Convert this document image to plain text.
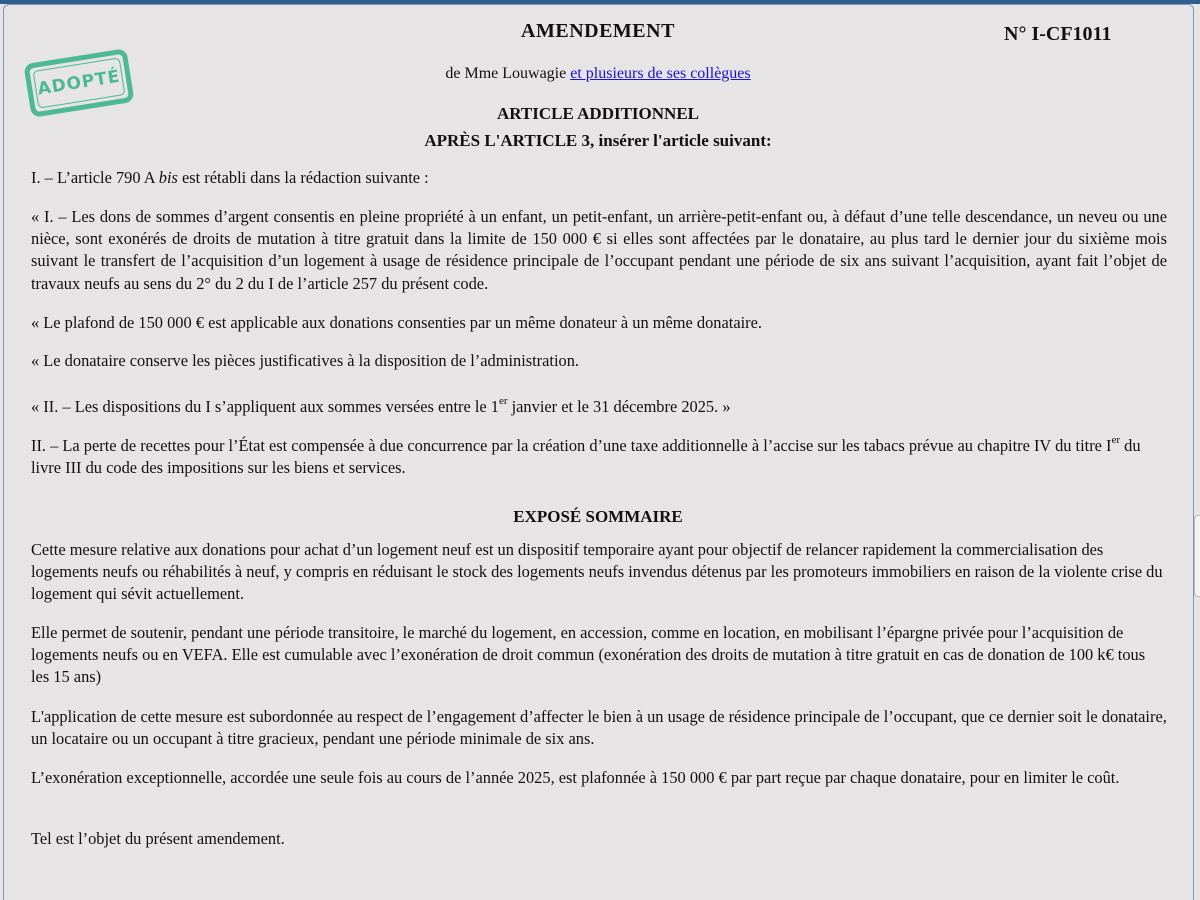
AMENDEMENT	N° I-CF1011
ADOPTÉ	de Mme Louwagie et plusieurs de ses collègues
ARTICLE ADDITIONNEL
APRÈS L'ARTICLE 3, insérer l'article suivant:

I. – L’article 790 A bis est rétabli dans la rédaction suivante :

« I. – Les dons de sommes d’argent consentis en pleine propriété à un enfant, un petit-enfant, un arrière-petit-enfant ou, à défaut d’une telle descendance, un neveu ou une nièce, sont exonérés de droits de mutation à titre gratuit dans la limite de 150 000 € si elles sont affectées par le donataire, au plus tard le dernier jour du sixième mois suivant le transfert de l’acquisition d’un logement à usage de résidence principale de l’occupant pendant une période de six ans suivant l’acquisition, ayant fait l’objet de travaux neufs au sens du 2° du 2 du I de l’article 257 du présent code.

« Le plafond de 150 000 € est applicable aux donations consenties par un même donateur à un même donataire.

« Le donataire conserve les pièces justificatives à la disposition de l’administration.

« II. – Les dispositions du I s’appliquent aux sommes versées entre le 1er janvier et le 31 décembre 2025. »

II. – La perte de recettes pour l’État est compensée à due concurrence par la création d’une taxe additionnelle à l’accise sur les tabacs prévue au chapitre IV du titre Ier du livre III du code des impositions sur les biens et services.

EXPOSÉ SOMMAIRE

Cette mesure relative aux donations pour achat d’un logement neuf est un dispositif temporaire ayant pour objectif de relancer rapidement la commercialisation des logements neufs ou réhabilités à neuf, y compris en réduisant le stock des logements neufs invendus détenus par les promoteurs immobiliers en raison de la violente crise du logement qui sévit actuellement.

Elle permet de soutenir, pendant une période transitoire, le marché du logement, en accession, comme en location, en mobilisant l’épargne privée pour l’acquisition de logements neufs ou en VEFA. Elle est cumulable avec l’exonération de droit commun (exonération des droits de mutation à titre gratuit en cas de donation de 100 k€ tous les 15 ans)

L'application de cette mesure est subordonnée au respect de l’engagement d’affecter le bien à un usage de résidence principale de l’occupant, que ce dernier soit le donataire, un locataire ou un occupant à titre gracieux, pendant une période minimale de six ans.

L’exonération exceptionnelle, accordée une seule fois au cours de l’année 2025, est plafonnée à 150 000 € par part reçue par chaque donataire, pour en limiter le coût.

Tel est l’objet du présent amendement.
